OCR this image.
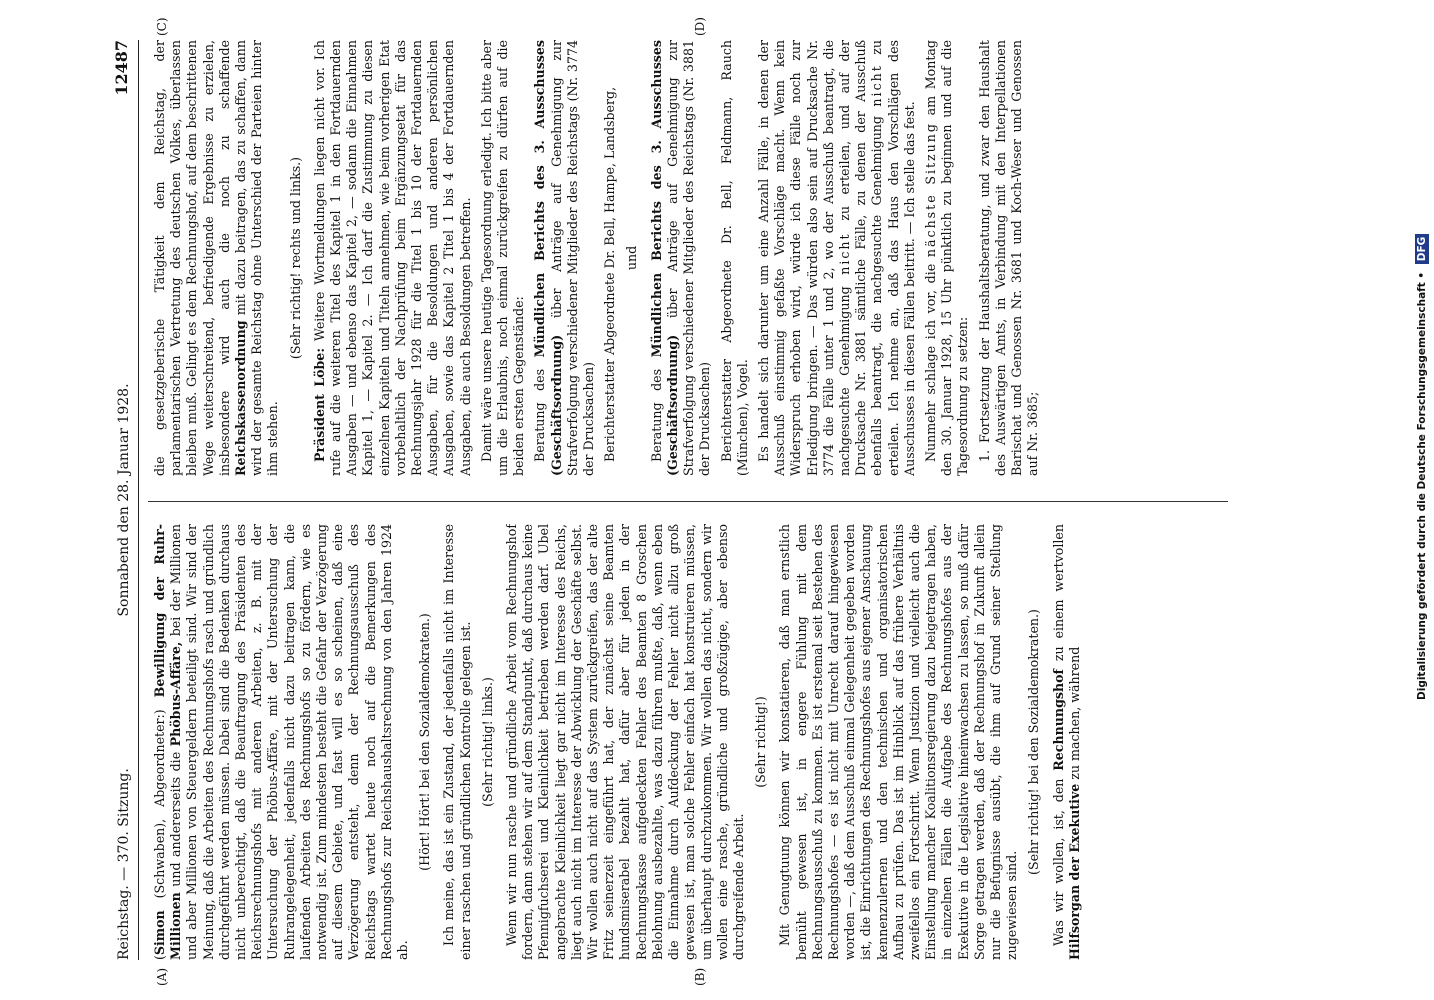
Reichstag. — 370. Sitzung.
Sonnabend den 28. Januar 1928.
12487
(A)	(B)
(C)	(D)

(Simon (Schwaben), Abgeordneter:) Bewilligung der Ruhr-Millionen und andererseits die Phöbus-Affäre, bei der Millionen und aber Millionen von Steuergeldern beteiligt sind. Wir sind der Meinung, daß die Arbeiten des Rechnungshofs rasch und gründlich durchgeführt werden müssen. Dabei sind die Bedenken durchaus nicht unberechtigt, daß die Beauftragung des Präsidenten des Reichsrechnungshofs mit anderen Arbeiten, z. B. mit der Untersuchung der Phöbus-Affäre, mit der Untersuchung der Ruhrangelegenheit, jedenfalls nicht dazu beitragen kann, die laufenden Arbeiten des Rechnungshofs so zu fördern, wie es notwendig ist. Zum mindesten besteht die Gefahr der Verzögerung auf diesem Gebiete, und fast will es so scheinen, daß eine Verzögerung entsteht, denn der Rechnungsausschuß des Reichstags wartet heute noch auf die Bemerkungen des Rechnungshofs zur Reichshaushaltsrechnung von den Jahren 1924 ab.

(Hört! Hört! bei den Sozialdemokraten.) Ich meine, das ist ein Zustand, der jedenfalls nicht im Interesse einer raschen und gründlichen Kontrolle gelegen ist. (Sehr richtig! links.) Wenn wir nun rasche und gründliche Arbeit vom Rechnungshof fordern, dann stehen wir auf dem Standpunkt, daß durchaus keine Pfennigfuchserei und Kleinlichkeit betrieben werden darf. Ubel angebrachte Kleinlichkeit liegt gar nicht im Interesse des Reichs, liegt auch nicht im Interesse der Abwicklung der Geschäfte selbst. Wir wollen auch nicht auf das System zurückgreifen, das der alte Fritz seinerzeit eingeführt hat, der zunächst seine Beamten hundsmiserabel bezahlt hat, dafür aber für jeden in der Rechnungskasse aufgedeckten Fehler des Beamten 8 Groschen Belohnung ausbezahlte, was dazu führen mußte, daß, wenn eben die Einnahme durch Aufdeckung der Fehler nicht allzu groß gewesen ist, man solche Fehler einfach hat konstruieren müssen, um überhaupt durchzukommen. Wir wollen das nicht, sondern wir wollen eine rasche, gründliche und großzügige, aber ebenso durchgreifende Arbeit.

(Sehr richtig!) Mit Genugtuung können wir konstatieren, daß man ernstlich bemüht gewesen ist, in engere Fühlung mit dem Rechnungsausschuß zu kommen. Es ist erstemal seit Bestehen des Rechnungshofes — es ist nicht mit Unrecht darauf hingewiesen worden —, daß dem Ausschuß einmal Gelegenheit gegeben worden ist, die Einrichtungen des Rechnungshofes aus eigener Anschauung kennenzulernen und den technischen und organisatorischen Aufbau zu prüfen. Das ist im Hinblick auf das frühere Verhältnis zweifellos ein Fortschritt. Wenn Justizion und vielleicht auch die Einstellung mancher Koalitionsregierung dazu beigetragen haben, in einzelnen Fällen die Aufgabe des Rechnungshofes aus der Exekutive in die Legislative hineinwachsen zu lassen, so muß dafür Sorge getragen werden, daß der Rechnungshof in Zukunft allein nur die Befugnisse ausübt, die ihm auf Grund seiner Stellung zugewiesen sind.

(Sehr richtig! bei den Sozialdemokraten.) Was wir wollen, ist, den Rechnungshof zu einem wertvollen Hilfsorgan der Exekutive zu machen, während

die gesetzgeberische Tätigkeit dem Reichstag, der parlamentarischen Vertretung des deutschen Volkes, überlassen bleiben muß. Gelingt es dem Rechnungshof, auf dem beschrittenen Wege weiterschreitend, befriedigende Ergebnisse zu erzielen, insbesondere wird auch die noch zu schaffende Reichskassenordnung mit dazu beitragen, das zu schaffen, dann wird der gesamte Reichstag ohne Unterschied der Parteien hinter ihm stehen.

(Sehr richtig! rechts und links.)

Präsident Löbe: Weitere Wortmeldungen liegen nicht vor. Ich rufe auf die weiteren Titel des Kapitel 1 in den Fortdauernden Ausgaben — und ebenso das Kapitel 2, — sodann die Einnahmen Kapitel 1, — Kapitel 2. — Ich darf die Zustimmung zu diesen einzelnen Kapiteln und Titeln annehmen, wie beim vorherigen Etat vorbehaltlich der Nachprüfung beim Ergänzungsetat für das Rechnungsjahr 1928 für die Titel 1 bis 10 der Fortdauernden Ausgaben, für die Besoldungen und anderen persönlichen Ausgaben, sowie das Kapitel 2 Titel 1 bis 4 der Fortdauernden Ausgaben, die auch Besoldungen betreffen. Damit wäre unsere heutige Tagesordnung erledigt. Ich bitte aber um die Erlaubnis, noch einmal zurückgreifen zu dürfen auf die beiden ersten Gegenstände: Beratung des Mündlichen Berichts des 3. Ausschusses (Geschäftsordnung) über Anträge auf Genehmigung zur Strafverfolgung verschiedener Mitglieder des Reichstags (Nr. 3774 der Drucksachen) Berichterstatter Abgeordnete Dr. Bell, Hampe, Landsberg, und

Beratung des Mündlichen Berichts des 3. Ausschusses (Geschäftsordnung) über Anträge auf Genehmigung zur Strafverfolgung verschiedener Mitglieder des Reichstags (Nr. 3881 der Drucksachen) Berichterstatter Abgeordnete Dr. Bell, Feldmann, Rauch (München), Vogel. Es handelt sich darunter um eine Anzahl Fälle, in denen der Ausschuß einstimmig gefaßte Vorschläge macht. Wenn kein Widerspruch erhoben wird, würde ich diese Fälle noch zur Erledigung bringen. — Das würden also sein auf Drucksache Nr. 3774 die Fälle unter 1 und 2, wo der Ausschuß beantragt, die nachgesuchte Genehmigung nicht zu erteilen, und auf der Drucksache Nr. 3881 sämtliche Fälle, zu denen der Ausschuß ebenfalls beantragt, die nachgesuchte Genehmigung nicht zu erteilen. Ich nehme an, daß das Haus den Vorschlägen des Ausschusses in diesen Fällen beitritt. — Ich stelle das fest. Nunmehr schlage ich vor, die nächste Sitzung am Montag den 30. Januar 1928, 15 Uhr pünktlich zu beginnen und auf die Tagesordnung zu setzen: 1. Fortsetzung der Haushaltsberatung, und zwar den Haushalt des Auswärtigen Amts, in Verbindung mit den Interpellationen Barischat und Genossen Nr. 3681 und Koch-Weser und Genossen auf Nr. 3685;	Digitalisierung gefördert durch die Deutsche Forschungsgemeinschaft • DFG
